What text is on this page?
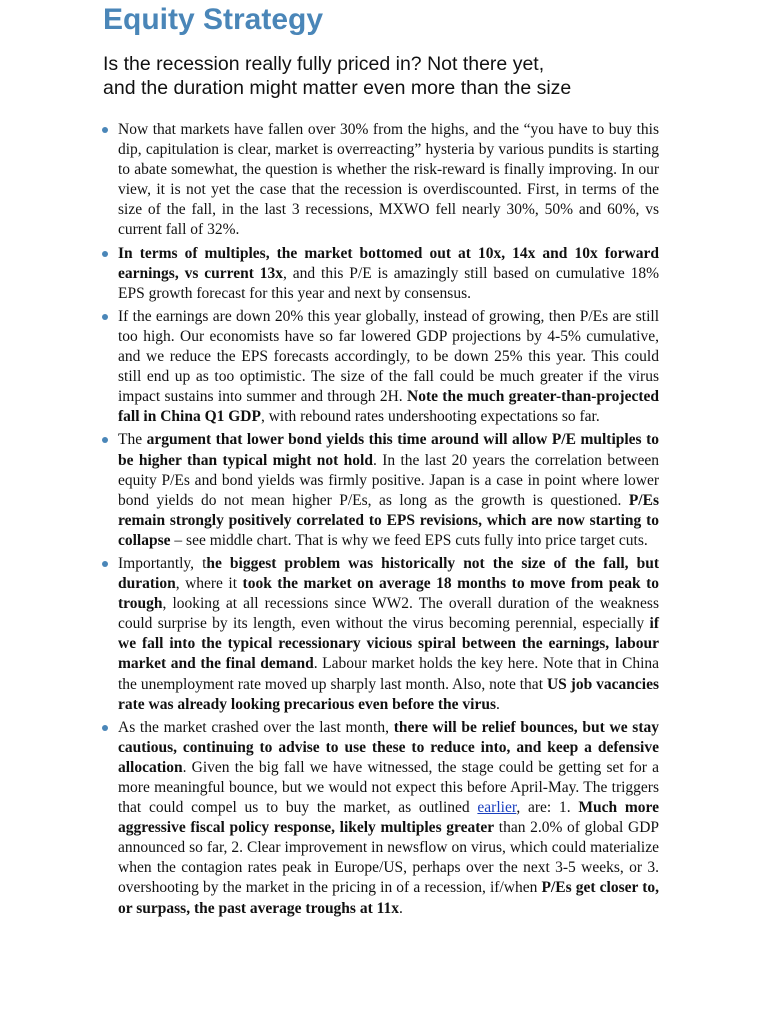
Equity Strategy

Is the recession really fully priced in? Not there yet,
and the duration might matter even more than the size

Now that markets have fallen over 30% from the highs, and the “you have to buy this dip, capitulation is clear, market is overreacting” hysteria by various pundits is starting to abate somewhat, the question is whether the risk-reward is finally improving. In our view, it is not yet the case that the recession is overdiscounted. First, in terms of the size of the fall, in the last 3 recessions, MXWO fell nearly 30%, 50% and 60%, vs current fall of 32%.
In terms of multiples, the market bottomed out at 10x, 14x and 10x forward earnings, vs current 13x, and this P/E is amazingly still based on cumulative 18% EPS growth forecast for this year and next by consensus.
If the earnings are down 20% this year globally, instead of growing, then P/Es are still too high. Our economists have so far lowered GDP projections by 4-5% cumulative, and we reduce the EPS forecasts accordingly, to be down 25% this year. This could still end up as too optimistic. The size of the fall could be much greater if the virus impact sustains into summer and through 2H. Note the much greater-than-projected fall in China Q1 GDP, with rebound rates undershooting expectations so far.
The argument that lower bond yields this time around will allow P/E multiples to be higher than typical might not hold. In the last 20 years the correlation between equity P/Es and bond yields was firmly positive. Japan is a case in point where lower bond yields do not mean higher P/Es, as long as the growth is questioned. P/Es remain strongly positively correlated to EPS revisions, which are now starting to collapse – see middle chart. That is why we feed EPS cuts fully into price target cuts.
Importantly, the biggest problem was historically not the size of the fall, but duration, where it took the market on average 18 months to move from peak to trough, looking at all recessions since WW2. The overall duration of the weakness could surprise by its length, even without the virus becoming perennial, especially if we fall into the typical recessionary vicious spiral between the earnings, labour market and the final demand. Labour market holds the key here. Note that in China the unemployment rate moved up sharply last month. Also, note that US job vacancies rate was already looking precarious even before the virus.
As the market crashed over the last month, there will be relief bounces, but we stay cautious, continuing to advise to use these to reduce into, and keep a defensive allocation. Given the big fall we have witnessed, the stage could be getting set for a more meaningful bounce, but we would not expect this before April-May. The triggers that could compel us to buy the market, as outlined earlier, are: 1. Much more aggressive fiscal policy response, likely multiples greater than 2.0% of global GDP announced so far, 2. Clear improvement in newsflow on virus, which could materialize when the contagion rates peak in Europe/US, perhaps over the next 3-5 weeks, or 3. overshooting by the market in the pricing in of a recession, if/when P/Es get closer to, or surpass, the past average troughs at 11x.
